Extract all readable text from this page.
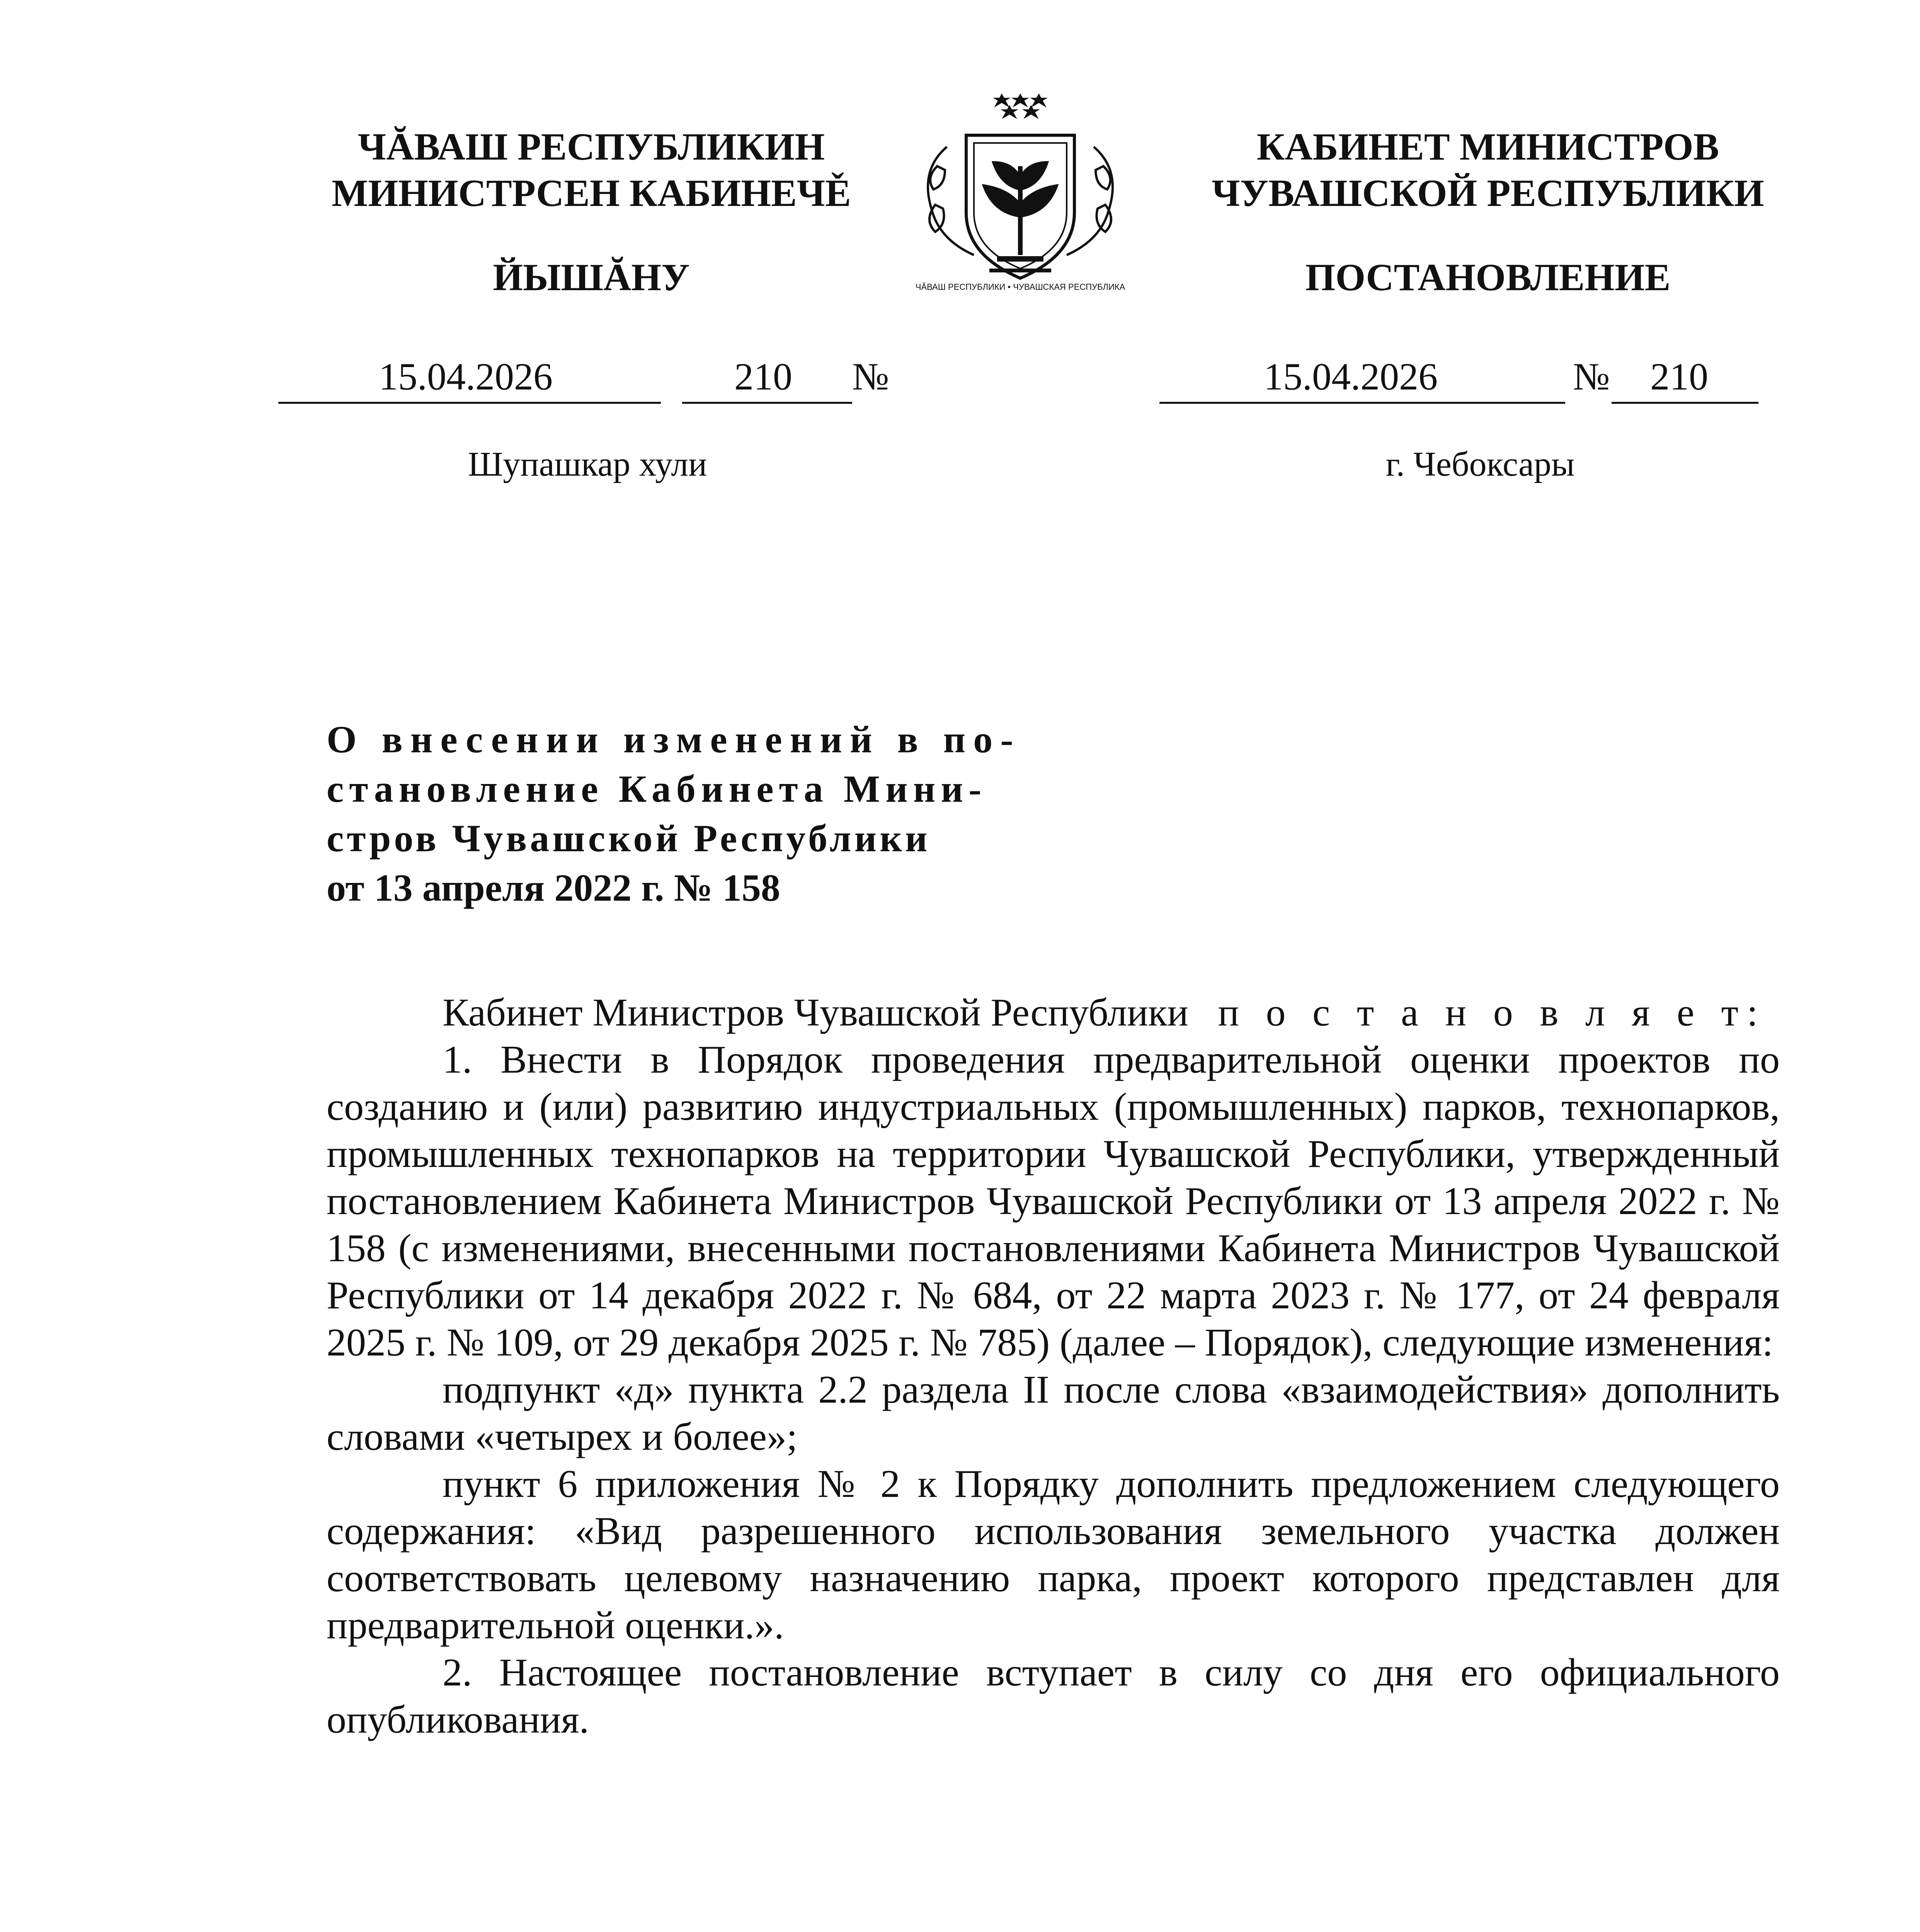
ЧĂВАШ РЕСПУБЛИКИН
МИНИСТРСЕН КАБИНЕЧĚ
ЙЫШĂНУ	ЧĂВАШ РЕСПУБЛИКИ • ЧУВАШСКАЯ РЕСПУБЛИКА
КАБИНЕТ МИНИСТРОВ
ЧУВАШСКОЙ РЕСПУБЛИКИ
ПОСТАНОВЛЕНИЕ
15.04.2026	210 №	15.04.2026	№ 210
Шупашкар хули	г. Чебоксары
О внесении изменений в по-
становление Кабинета Мини-
стров Чувашской Республики
от 13 апреля 2022 г. № 158

Кабинет Министров Чувашской Республики п о с т а н о в л я е т:

1. Внести в Порядок проведения предварительной оценки проектов по созданию и (или) развитию индустриальных (промышленных) парков, технопарков, промышленных технопарков на территории Чувашской Республики, утвержденный постановлением Кабинета Министров Чувашской Республики от 13 апреля 2022 г. № 158 (с изменениями, внесенными постановлениями Кабинета Министров Чувашской Республики от 14 декабря 2022 г. № 684, от 22 марта 2023 г. № 177, от 24 февраля 2025 г. № 109, от 29 декабря 2025 г. № 785) (далее – Порядок), следующие изменения:

подпункт «д» пункта 2.2 раздела II после слова «взаимодействия» дополнить словами «четырех и более»;

пункт 6 приложения № 2 к Порядку дополнить предложением следующего содержания: «Вид разрешенного использования земельного участка должен соответствовать целевому назначению парка, проект которого представлен для предварительной оценки.».

2. Настоящее постановление вступает в силу со дня его официального опубликования.
